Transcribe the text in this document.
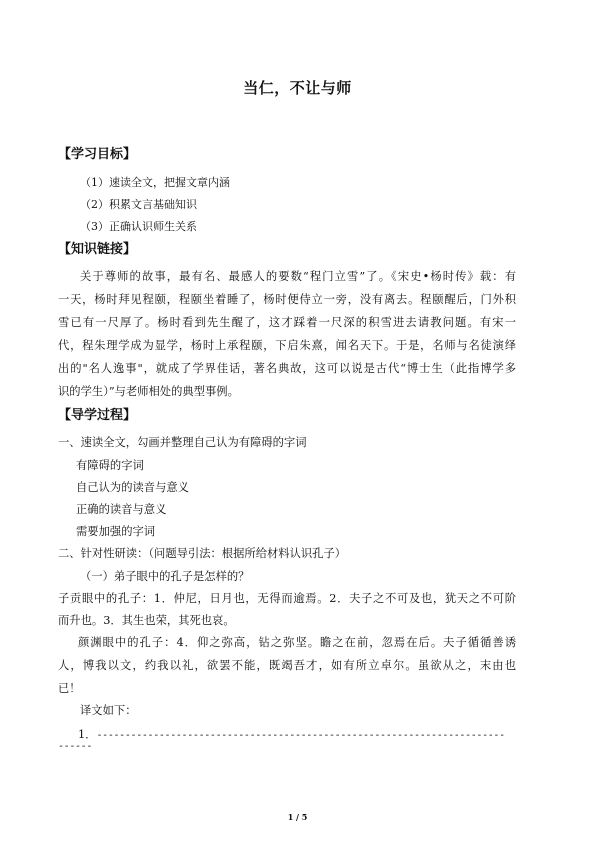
当仁，不让与师
【学习目标】
（1）速读全文，把握文章内涵
（2）积累文言基础知识
（3）正确认识师生关系
【知识链接】
关于尊师的故事，最有名、最感人的要数“程门立雪”了。《宋史•杨时传》载：有
一天，杨时拜见程颐，程颐坐着睡了，杨时便侍立一旁，没有离去。程颐醒后，门外积
雪已有一尺厚了。杨时看到先生醒了，这才踩着一尺深的积雪进去请教问题。有宋一
代，程朱理学成为显学，杨时上承程颐，下启朱熹，闻名天下。于是，名师与名徒演绎
出的"名人逸事"，就成了学界佳话，著名典故，这可以说是古代“博士生（此指博学多
识的学生）”与老师相处的典型事例。
【导学过程】
一、速读全文，勾画并整理自己认为有障碍的字词
有障碍的字词
自己认为的读音与意义
正确的读音与意义
需要加强的字词
二、针对性研读：（问题导引法：根据所给材料认识孔子）
（一）弟子眼中的孔子是怎样的？
子贡眼中的孔子：1．仲尼，日月也，无得而逾焉。2．夫子之不可及也，犹天之不可阶
而升也。3．其生也荣，其死也哀。
颜渊眼中的孔子：4．仰之弥高，钻之弥坚。瞻之在前，忽焉在后。夫子循循善诱
人，博我以文，约我以礼，欲罢不能，既竭吾才，如有所立卓尔。虽欲从之，末由也
已！
译文如下：
1．------------------------------------------------------------------------
------
1 / 5
